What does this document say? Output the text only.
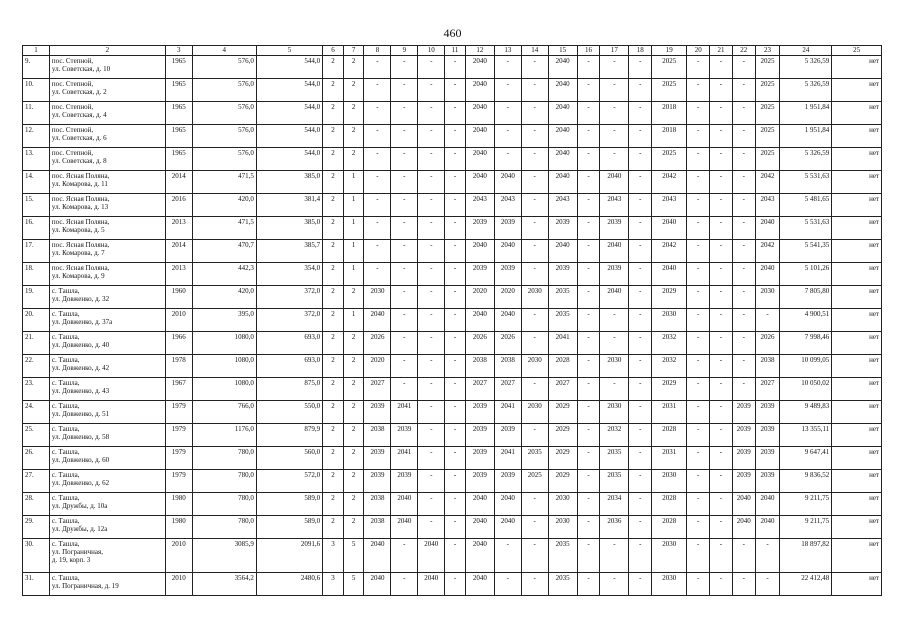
460
1	2	3	4	5	6	7	8	9	10	11	12	13	14	15	16	17	18	19	20	21	22	23	24	25
9.	пос. Степной,
ул. Советская, д. 10	1965	576,0	544,0	2	2	-	-	-	-	2040	-	-	2040	-	-	-	2025	-	-	-	2025	5 326,59	нет
10.	пос. Степной,
ул. Советская, д. 2	1965	576,0	544,0	2	2	-	-	-	-	2040	-	-	2040	-	-	-	2025	-	-	-	2025	5 326,59	нет
11.	пос. Степной,
ул. Советская, д. 4	1965	576,0	544,0	2	2	-	-	-	-	2040	-	-	2040	-	-	-	2018	-	-	-	2025	1 951,84	нет
12.	пос. Степной,
ул. Советская, д. 6	1965	576,0	544,0	2	2	-	-	-	-	2040	-	-	2040	-	-	-	2018	-	-	-	2025	1 951,84	нет
13.	пос. Степной,
ул. Советская, д. 8	1965	576,0	544,0	2	2	-	-	-	-	2040	-	-	2040	-	-	-	2025	-	-	-	2025	5 326,59	нет
14.	пос. Ясная Поляна,
ул. Комарова, д. 11	2014	471,5	385,0	2	1	-	-	-	-	2040	2040	-	2040	-	2040	-	2042	-	-	-	2042	5 531,63	нет
15.	пос. Ясная Поляна,
ул. Комарова, д. 13	2016	420,0	381,4	2	1	-	-	-	-	2043	2043	-	2043	-	2043	-	2043	-	-	-	2043	5 481,65	нет
16.	пос. Ясная Поляна,
ул. Комарова, д. 5	2013	471,5	385,0	2	1	-	-	-	-	2039	2039	-	2039	-	2039	-	2040	-	-	-	2040	5 531,63	нет
17.	пос. Ясная Поляна,
ул. Комарова, д. 7	2014	470,7	385,7	2	1	-	-	-	-	2040	2040	-	2040	-	2040	-	2042	-	-	-	2042	5 541,35	нет
18.	пос. Ясная Поляна,
ул. Комарова, д. 9	2013	442,3	354,0	2	1	-	-	-	-	2039	2039	-	2039	-	2039	-	2040	-	-	-	2040	5 101,26	нет
19.	с. Ташла,
ул. Довженко, д. 32	1960	420,0	372,0	2	2	2030	-	-	-	2020	2020	2030	2035	-	2040	-	2029	-	-	-	2030	7 805,80	нет
20.	с. Ташла,
ул. Довженко, д. 37а	2010	395,0	372,0	2	1	2040	-	-	-	2040	2040	-	2035	-	-	-	2030	-	-	-	-	4 900,51	нет
21.	с. Ташла,
ул. Довженко, д. 40	1966	1080,0	693,0	2	2	2026	-	-	-	2026	2026	-	2041	-	-	-	2032	-	-	-	2026	7 998,46	нет
22.	с. Ташла,
ул. Довженко, д. 42	1978	1080,0	693,0	2	2	2020	-	-	-	2038	2038	2030	2028	-	2030	-	2032	-	-	-	2038	10 099,05	нет
23.	с. Ташла,
ул. Довженко, д. 43	1967	1080,0	875,0	2	2	2027	-	-	-	2027	2027	-	2027	-	-	-	2029	-	-	-	2027	10 050,02	нет
24.	с. Ташла,
ул. Довженко, д. 51	1979	766,0	550,0	2	2	2039	2041	-	-	2039	2041	2030	2029	-	2030	-	2031	-	-	2039	2039	9 489,83	нет
25.	с. Ташла,
ул. Довженко, д. 58	1979	1176,0	879,9	2	2	2038	2039	-	-	2039	2039	-	2029	-	2032	-	2028	-	-	2039	2039	13 355,11	нет
26.	с. Ташла,
ул. Довженко, д. 60	1979	780,0	560,0	2	2	2039	2041	-	-	2039	2041	2035	2029	-	2035	-	2031	-	-	2039	2039	9 647,41	нет
27.	с. Ташла,
ул. Довженко, д. 62	1979	780,0	572,0	2	2	2039	2039	-	-	2039	2039	2025	2029	-	2035	-	2030	-	-	2039	2039	9 836,52	нет
28.	с. Ташла,
ул. Дружбы, д. 10а	1980	780,0	589,0	2	2	2038	2040	-	-	2040	2040	-	2030	-	2034	-	2028	-	-	2040	2040	9 211,75	нет
29.	с. Ташла,
ул. Дружбы, д. 12а	1980	780,0	589,0	2	2	2038	2040	-	-	2040	2040	-	2030	-	2036	-	2028	-	-	2040	2040	9 211,75	нет
30.	с. Ташла,
ул. Пограничная,
д. 19, корп. 3	2010	3085,9	2091,6	3	5	2040	-	2040	-	2040	-	-	2035	-	-	-	2030	-	-	-	-	18 897,82	нет
31.	с. Ташла,
ул. Пограничная, д. 19	2010	3564,2	2480,6	3	5	2040	-	2040	-	2040	-	-	2035	-	-	-	2030	-	-	-	-	22 412,48	нет
